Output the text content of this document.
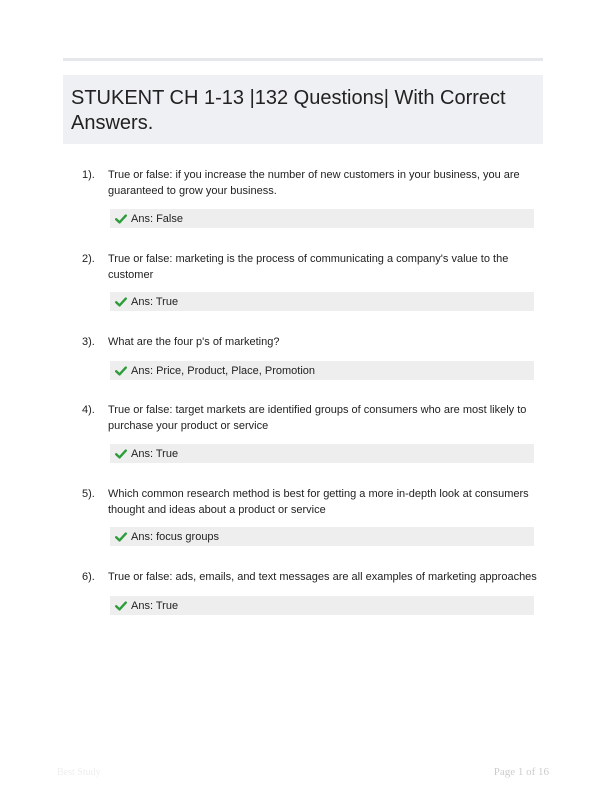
STUKENT CH 1-13 |132 Questions| With Correct
Answers.
1). True or false: if you increase the number of new customers in your business, you are guaranteed to grow your business.
Ans: False
2). True or false: marketing is the process of communicating a company's value to the customer
Ans: True
3). What are the four p's of marketing?
Ans: Price, Product, Place, Promotion
4). True or false: target markets are identified groups of consumers who are most likely to purchase your product or service
Ans: True
5). Which common research method is best for getting a more in-depth look at consumers thought and ideas about a product or service
Ans: focus groups
6). True or false: ads, emails, and text messages are all examples of marketing approaches
Ans: True
Best Study	Page 1 of 16
